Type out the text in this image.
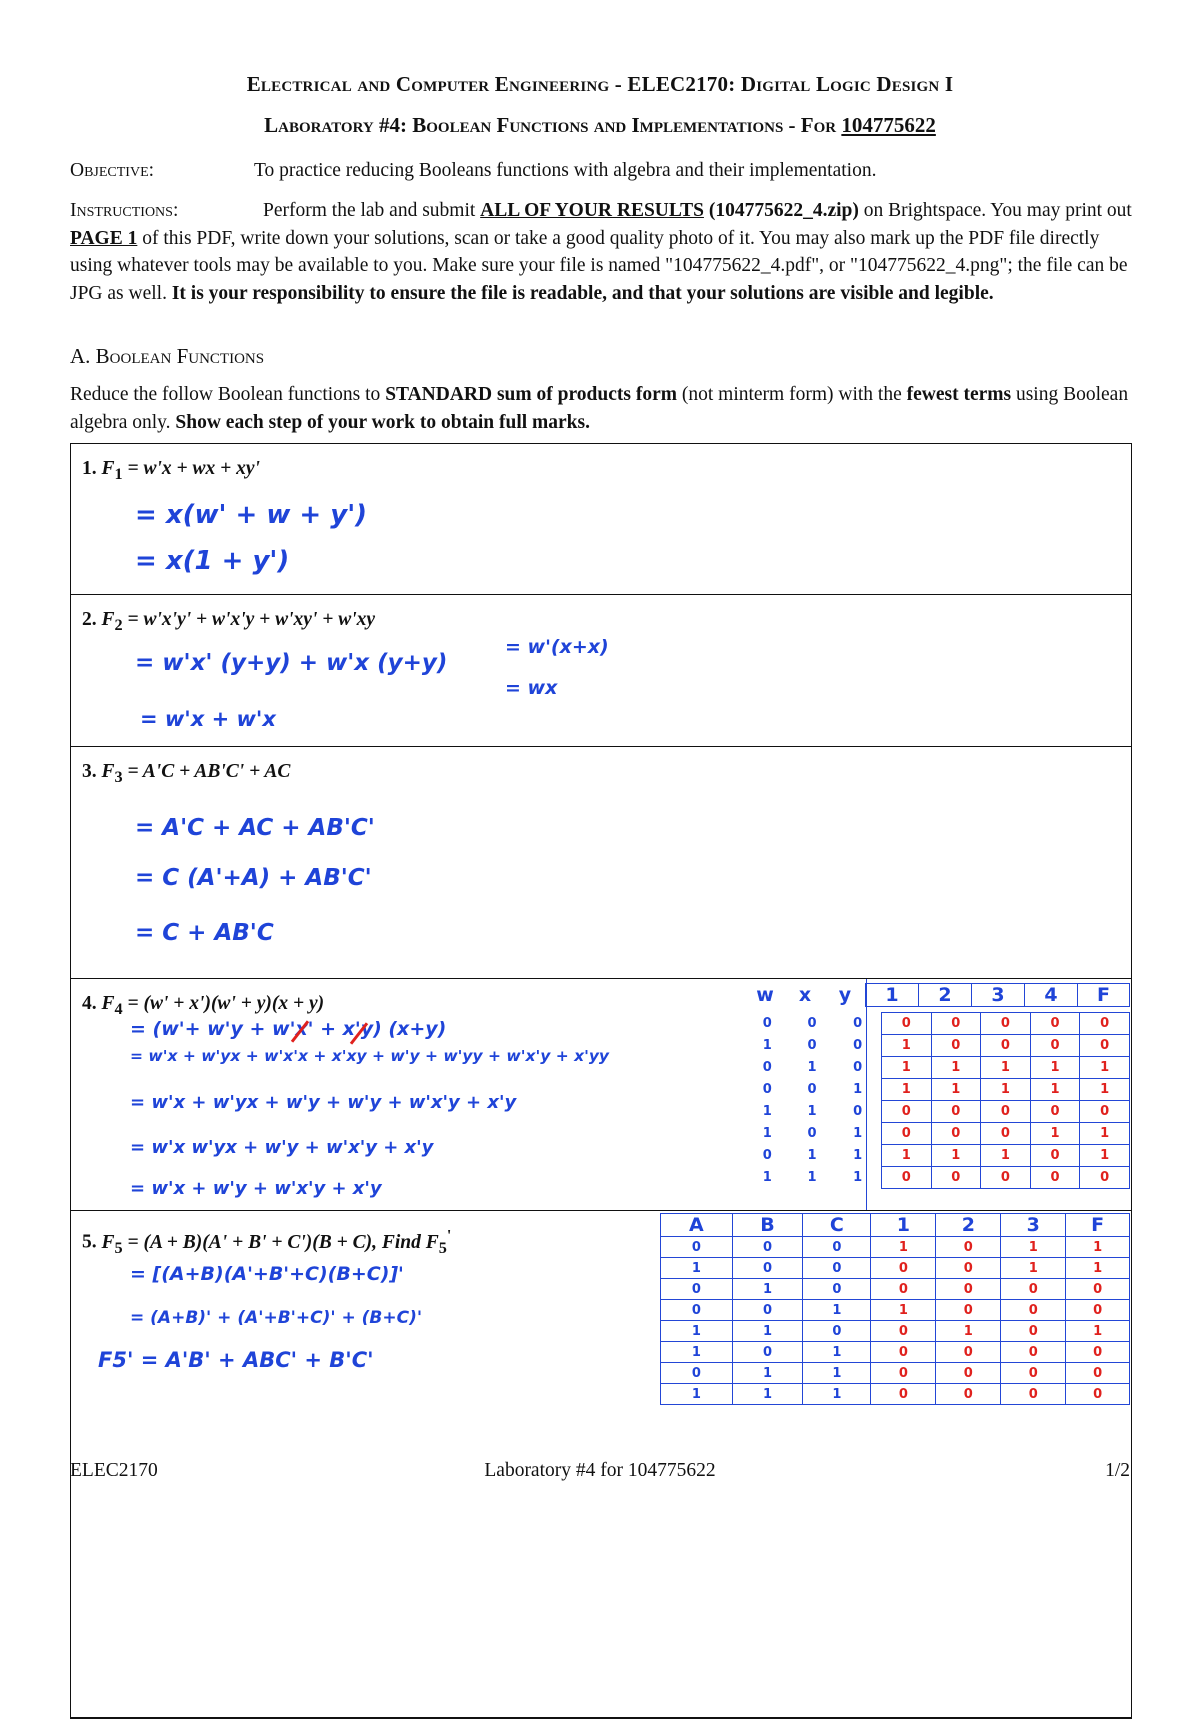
Electrical and Computer Engineering - ELEC2170: Digital Logic Design I
Laboratory #4: Boolean Functions and Implementations - For 104775622
Objective:	To practice reducing Booleans functions with algebra and their implementation.
Instructions:	Perform the lab and submit ALL OF YOUR RESULTS (104775622_4.zip) on Brightspace. You may print out PAGE 1 of this PDF, write down your solutions, scan or take a good quality photo of it. You may also mark up the PDF file directly using whatever tools may be available to you. Make sure your file is named "104775622_4.pdf", or "104775622_4.png"; the file can be JPG as well. It is your responsibility to ensure the file is readable, and that your solutions are visible and legible.
A. Boolean Functions
Reduce the follow Boolean functions to STANDARD sum of products form (not minterm form) with the fewest terms using Boolean algebra only. Show each step of your work to obtain full marks.
1. $F_1 = w'x$ + wx + xy'
= x(w' + w + y')
= x(1 + y')
2. $F_2 = w'x'y' + w'x'y + w'xy' + w'xy$
= w'x' (y+y) + w'x (y+y)
= w'x + w'x
= w'(x+x)
= wx
3. $F_3 = A'C + AB'C'$ + AC
= A'C + AC + AB'C'
= C (A'+A) + AB'C'
= C + AB'C
4. $F_4 = (w' + x')(w' + y)(x + y)$
= (w'+ w'y + w'x' + x'y) (x+y)
= w'x + w'yx + w'x'x + x'xy + w'y + w'yy + w'x'y + x'yy
= w'x + w'yx + w'y + w'y + w'x'y + x'y
= w'x w'yx + w'y + w'x'y + x'y
= w'x + w'y + w'x'y + x'y
w	x	y	1	2	3	4	F
0	0	0	0	0	0	0	0
1	0	0	1	0	0	0	0
0	1	0	1	1	1	1	1
0	0	1	1	1	1	1	1
1	1	0	0	0	0	0	0
1	0	1	0	0	0	1	1
0	1	1	1	1	1	0	1
1	1	1	0	0	0	0	0
5. $F_5 = (A + B)(A' + B' + C')(B + C)$, Find $F_5'$
= [(A+B)(A'+B'+C)(B+C)]'
= (A+B)' + (A'+B'+C)' + (B+C)'
F5' = A'B' + ABC' + B'C'
A	B	C	1	2	3	F
0	0	0	1	0	1	1
1	0	0	0	0	1	1
0	1	0	0	0	0	0
0	0	1	1	0	0	0
1	1	0	0	1	0	1
1	0	1	0	0	0	0
0	1	1	0	0	0	0
1	1	1	0	0	0	0
ELEC2170	Laboratory #4 for 104775622	1/2
